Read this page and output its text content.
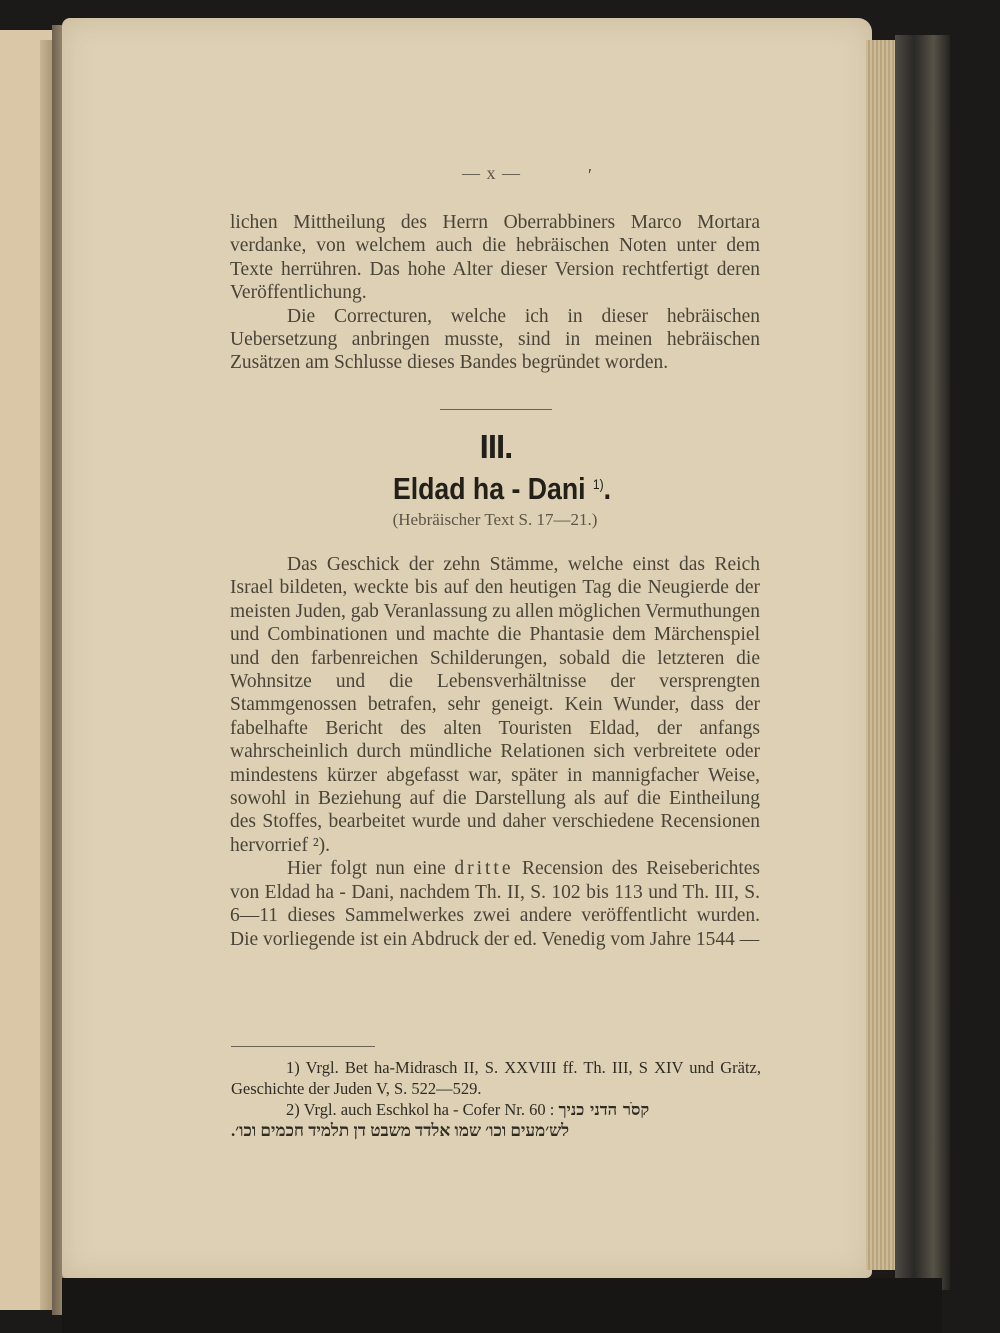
— x —	′

lichen Mittheilung des Herrn Oberrabbiners Marco Mortara verdanke, von welchem auch die hebräischen Noten unter dem Texte herrühren. Das hohe Alter dieser Version rechtfertigt deren Veröffentlichung.

Die Correcturen, welche ich in dieser hebräischen Uebersetzung anbringen musste, sind in meinen hebräischen Zusätzen am Schlusse dieses Bandes begründet worden.

III.
Eldad ha - Dani $^{1)}$.
(Hebräischer Text S. 17—21.)

Das Geschick der zehn Stämme, welche einst das Reich Israel bildeten, weckte bis auf den heutigen Tag die Neugierde der meisten Juden, gab Veranlassung zu allen möglichen Vermuthungen und Combinationen und machte die Phantasie dem Märchenspiel und den farbenreichen Schilderungen, sobald die letzteren die Wohnsitze und die Lebensverhältnisse der versprengten Stammgenossen betrafen, sehr geneigt. Kein Wunder, dass der fabelhafte Bericht des alten Touristen Eldad, der anfangs wahrscheinlich durch mündliche Relationen sich verbreitete oder mindestens kürzer abgefasst war, später in mannigfacher Weise, sowohl in Beziehung auf die Darstellung als auf die Eintheilung des Stoffes, bearbeitet wurde und daher verschiedene Recensionen hervorrief ²).

Hier folgt nun eine dritte Recension des Reiseberichtes von Eldad ha - Dani, nachdem Th. II, S. 102 bis 113 und Th. III, S. 6—11 dieses Sammelwerkes zwei andere veröffentlicht wurden. Die vorliegende ist ein Abdruck der ed. Venedig vom Jahre 1544 —

1) Vrgl. Bet ha-Midrasch II, S. XXVIII ff. Th. III, S XIV und Grätz, Geschichte der Juden V, S. 522—529.

2) Vrgl. auch Eschkol ha - Cofer Nr. 60 : קסׂר הדני כניך
לש׳מעים וכו׳ שמו אלדד משבט דן תלמיד חכמים וכו׳.
